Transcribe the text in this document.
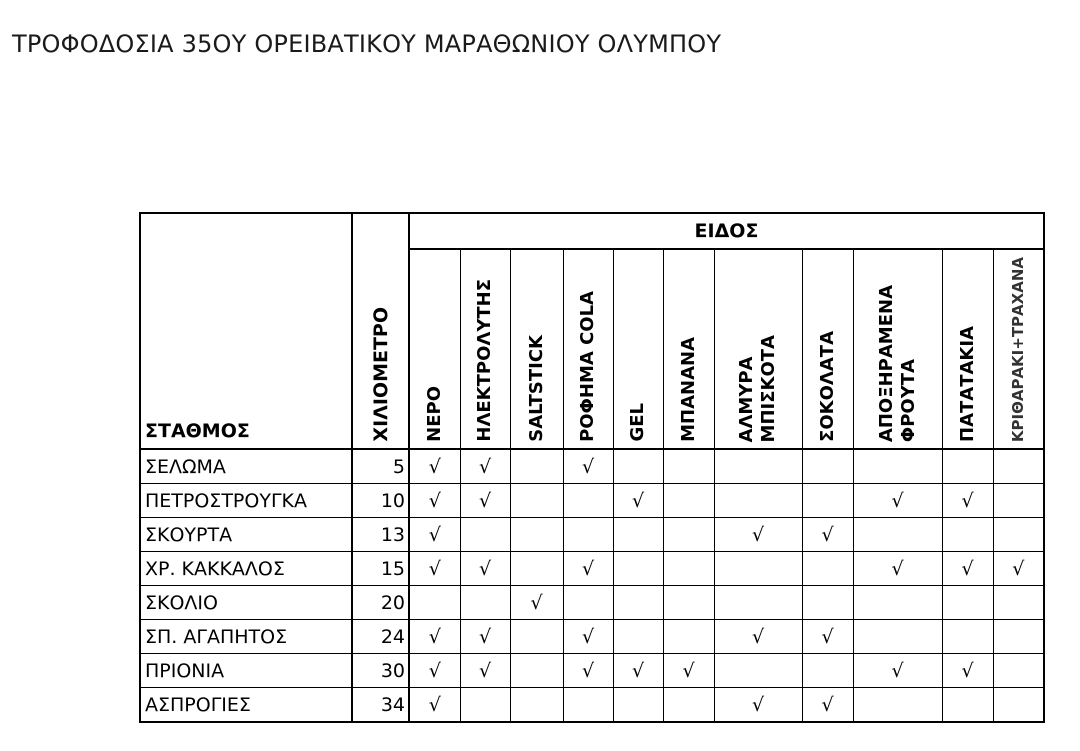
ΤΡΟΦΟΔΟΣΙΑ 35ΟΥ ΟΡΕΙΒΑΤΙΚΟΥ ΜΑΡΑΘΩΝΙΟΥ ΟΛΥΜΠΟΥ
ΣΤΑΘΜΟΣ	ΧΙΛΙΟΜΕΤΡΟ	ΕΙΔΟΣ										

		ΝΕΡΟ	ΗΛΕΚΤΡΟΛΥΤΗΣ	SALTSTICK	ΡΟΦΗΜΑ COLA	GEL	ΜΠΑΝΑΝΑ	ΑΛΜΥΡΑ
ΜΠΙΣΚΟΤΑ	ΣΟΚΟΛΑΤΑ	ΑΠΟΞΗΡΑΜΕΝΑ
ΦΡΟΥΤΑ	ΠΑΤΑΤΑΚΙΑ	ΚΡΙΘΑΡΑΚΙ+ΤΡΑΧΑΝΑ

ΣΕΛΩΜΑ	5	√	√		√							
ΠΕΤΡΟΣΤΡΟΥΓΚΑ	10	√	√			√				√	√	
ΣΚΟΥΡΤΑ	13	√						√	√			
ΧΡ. ΚΑΚΚΑΛΟΣ	15	√	√		√					√	√	√
ΣΚΟΛΙΟ	20			√								
ΣΠ. ΑΓΑΠΗΤΟΣ	24	√	√		√			√	√			
ΠΡΙΟΝΙΑ	30	√	√		√	√	√			√	√	
ΑΣΠΡΟΓΙΕΣ	34	√						√	√			
